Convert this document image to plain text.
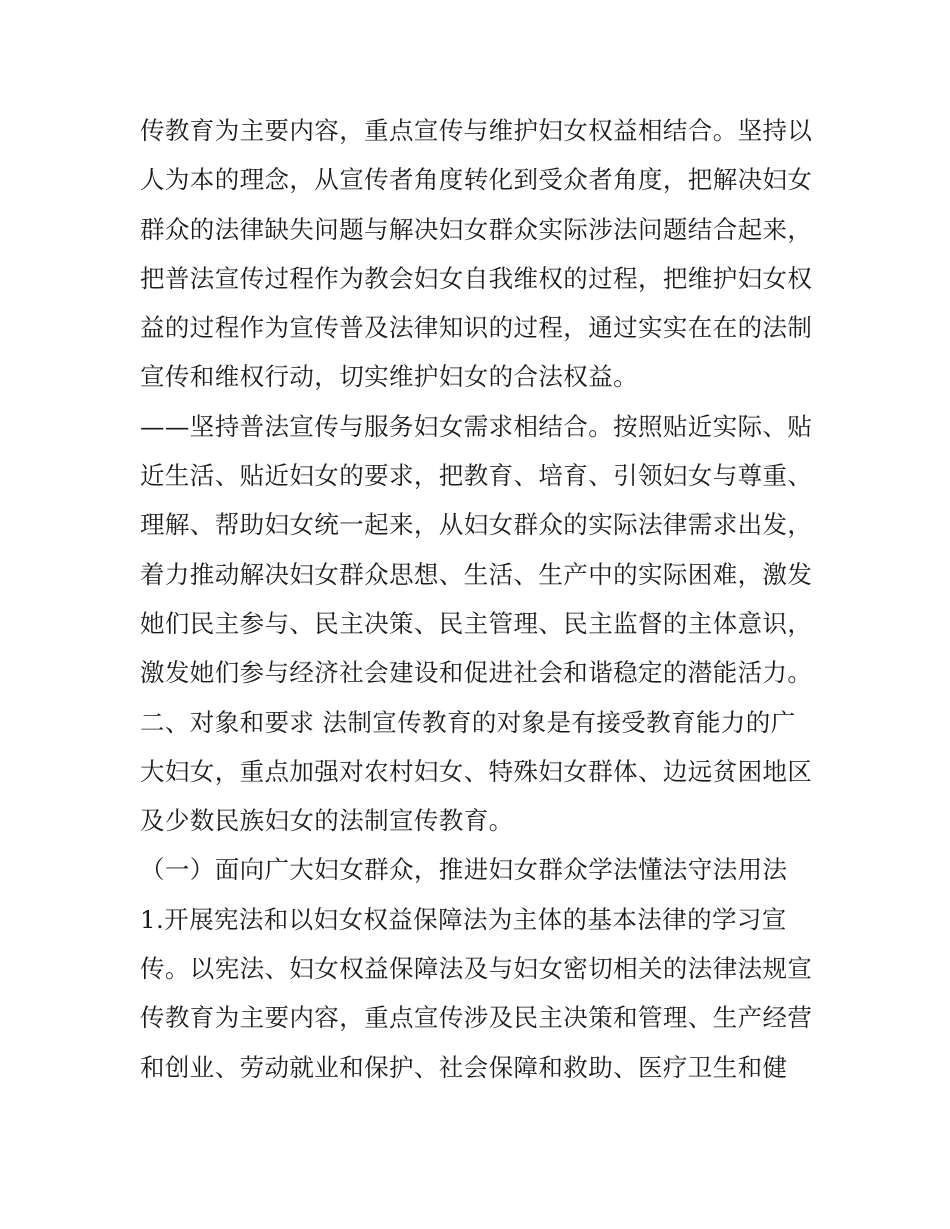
传教育为主要内容，重点宣传与维护妇女权益相结合。坚持以
人为本的理念，从宣传者角度转化到受众者角度，把解决妇女
群众的法律缺失问题与解决妇女群众实际涉法问题结合起来，
把普法宣传过程作为教会妇女自我维权的过程，把维护妇女权
益的过程作为宣传普及法律知识的过程，通过实实在在的法制
宣传和维权行动，切实维护妇女的合法权益。
——坚持普法宣传与服务妇女需求相结合。按照贴近实际、贴
近生活、贴近妇女的要求，把教育、培育、引领妇女与尊重、
理解、帮助妇女统一起来，从妇女群众的实际法律需求出发，
着力推动解决妇女群众思想、生活、生产中的实际困难，激发
她们民主参与、民主决策、民主管理、民主监督的主体意识，
激发她们参与经济社会建设和促进社会和谐稳定的潜能活力。
二、对象和要求 法制宣传教育的对象是有接受教育能力的广
大妇女，重点加强对农村妇女、特殊妇女群体、边远贫困地区
及少数民族妇女的法制宣传教育。
（一）面向广大妇女群众，推进妇女群众学法懂法守法用法
1.开展宪法和以妇女权益保障法为主体的基本法律的学习宣
传。以宪法、妇女权益保障法及与妇女密切相关的法律法规宣
传教育为主要内容，重点宣传涉及民主决策和管理、生产经营
和创业、劳动就业和保护、社会保障和救助、医疗卫生和健
